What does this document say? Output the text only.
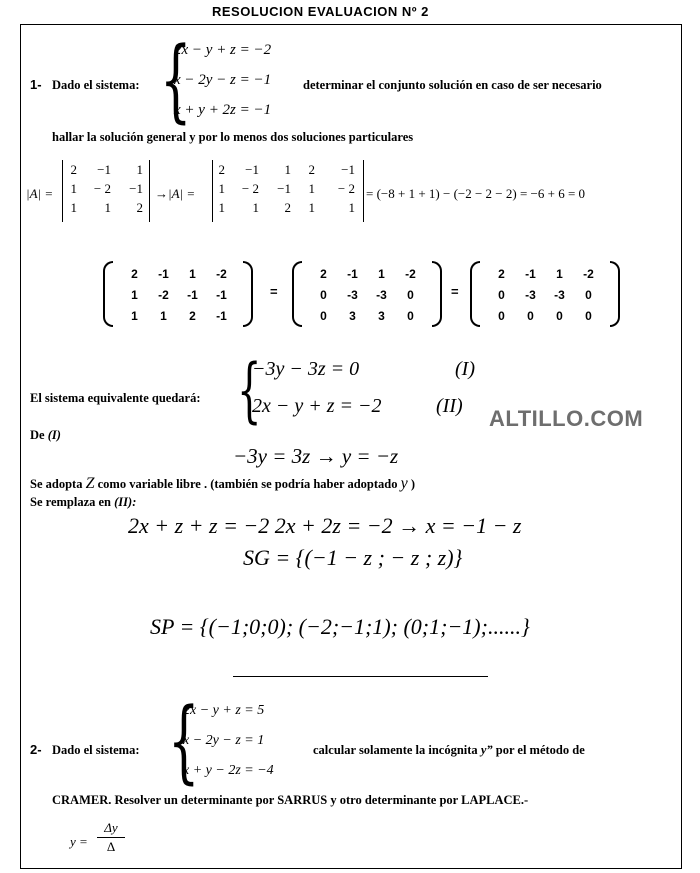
RESOLUCION EVALUACION Nº 2
1- Dado el sistema: {
2x − y + z = −2
x − 2y − z = −1
x + y + 2z = −1
determinar el conjunto solución en caso de ser necesario
hallar la solución general y por lo menos dos soluciones particulares
|A| =
2	−1	1
1	− 2	−1
1	1	2
→|A| =
2	−1	1	2	−1
1	− 2	−1	1	− 2
1	1	2	1	1
= (−8 + 1 + 1) − (−2 − 2 − 2) = −6 + 6 = 0
2	-1	1	-2
1	-2	-1	-1
1	1	2	-1
=
2	-1	1	-2
0	-3	-3	0
0	3	3	0
=
2	-1	1	-2
0	-3	-3	0
0	0	0	0
El sistema equivalente quedará: {
−3y − 3z = 0	(I)
2x − y + z = −2	(II) ALTILLO.COM
De (I)
−3y = 3z → y = −z
Se adopta Z como variable libre . (también se podría haber adoptado y )
Se remplaza en (II):
2x + z + z = −2 2x + 2z = −2 → x = −1 − z
SG = {(−1 − z ; − z ; z)}
SP = {(−1;0;0); (−2;−1;1); (0;1;−1);......}
2- Dado el sistema: {
2x − y + z = 5
x − 2y − z = 1
x + y − 2z = −4
calcular solamente la incógnita y” por el método de
CRAMER. Resolver un determinante por SARRUS y otro determinante por LAPLACE.-
y =
Δy
Δ
